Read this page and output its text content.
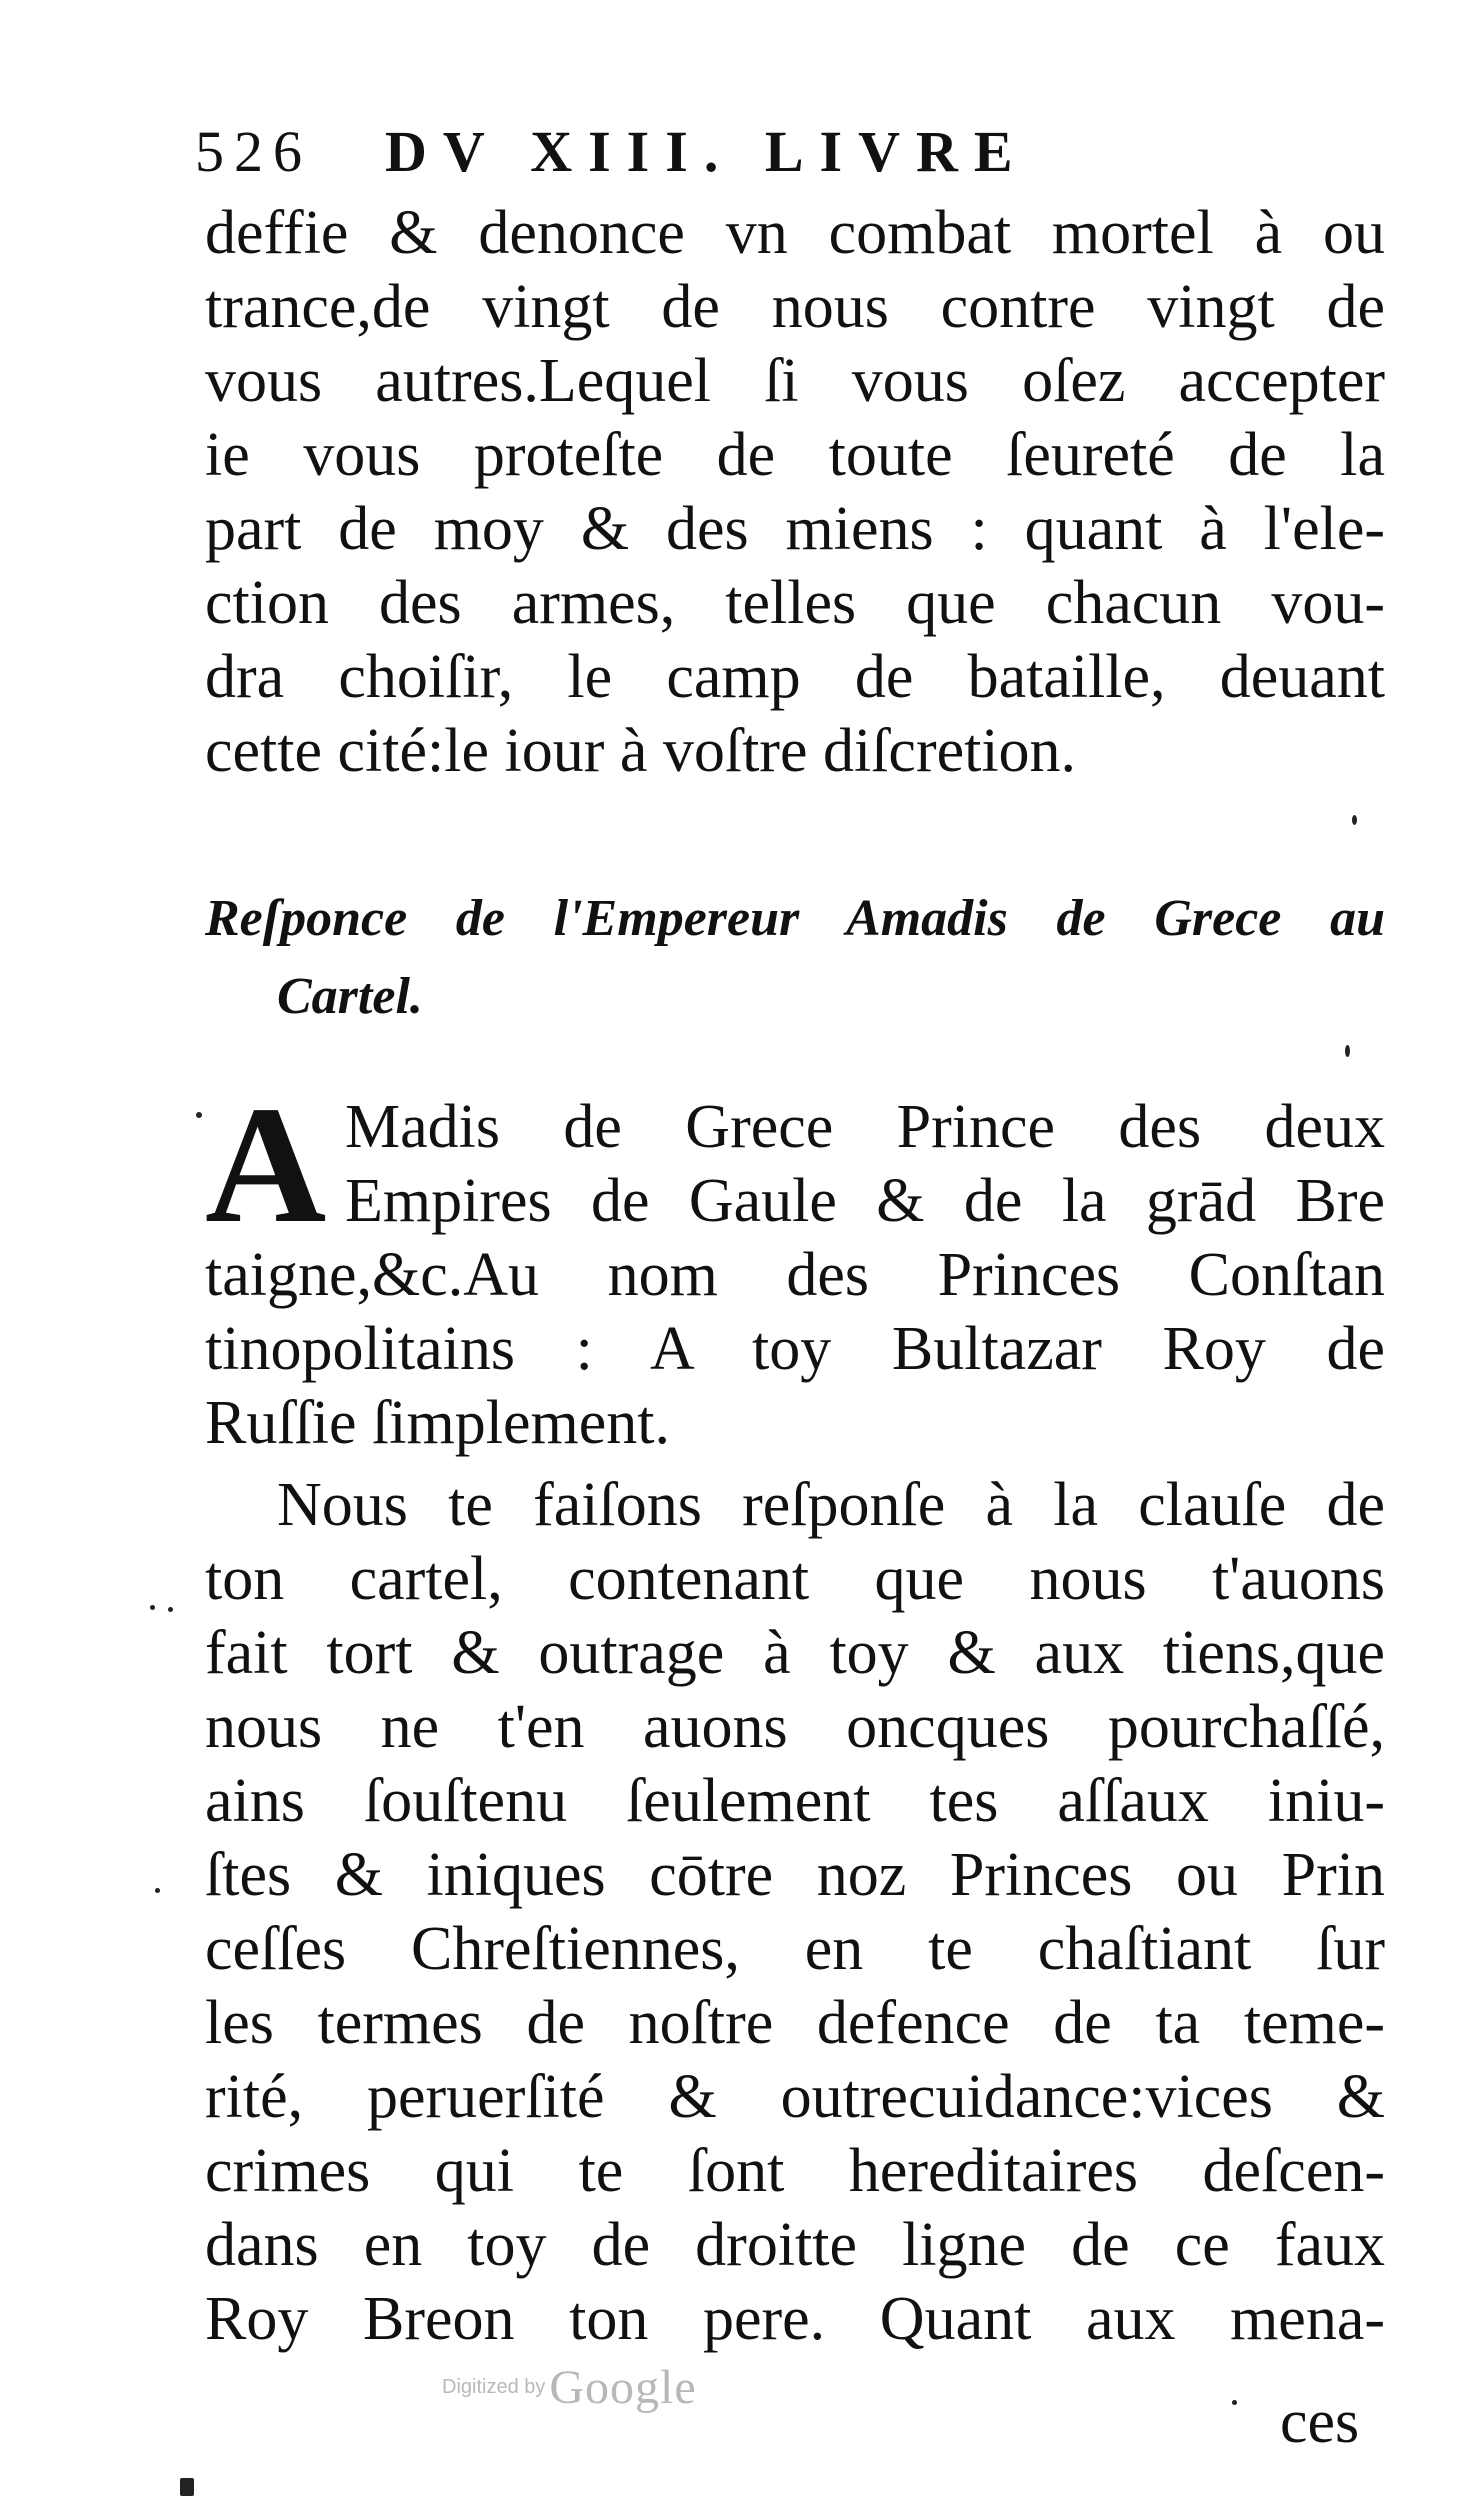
526 DV XIII. LIVRE
deffie & denonce vn combat mortel à ou
trance,de vingt de nous contre vingt de
vous autres.Lequel ſi vous oſez accepter
ie vous proteſte de toute ſeureté de la
part de moy & des miens : quant à l'ele-
ction des armes, telles que chacun vou-
dra choiſir, le camp de bataille, deuant
cette cité:le iour à voſtre diſcretion.
Reſponce de l'Empereur Amadis de Grece au
Cartel.
A Madis de Grece Prince des deux
Empires de Gaule & de la grād Bre
taigne,&c.Au nom des Princes Conſtan
tinopolitains : A toy Bultazar Roy de
Ruſſie ſimplement.
Nous te faiſons reſponſe à la clauſe de
ton cartel, contenant que nous t'auons
fait tort & outrage à toy & aux tiens,que
nous ne t'en auons oncques pourchaſſé,
ains ſouſtenu ſeulement tes aſſaux iniu-
ſtes & iniques cōtre noz Princes ou Prin
ceſſes Chreſtiennes, en te chaſtiant ſur
les termes de noſtre defence de ta teme-
rité, peruerſité & outrecuidance:vices &
crimes qui te ſont hereditaires deſcen-
dans en toy de droitte ligne de ce faux
Roy Breon ton pere. Quant aux mena-
ces
Digitized by Google
